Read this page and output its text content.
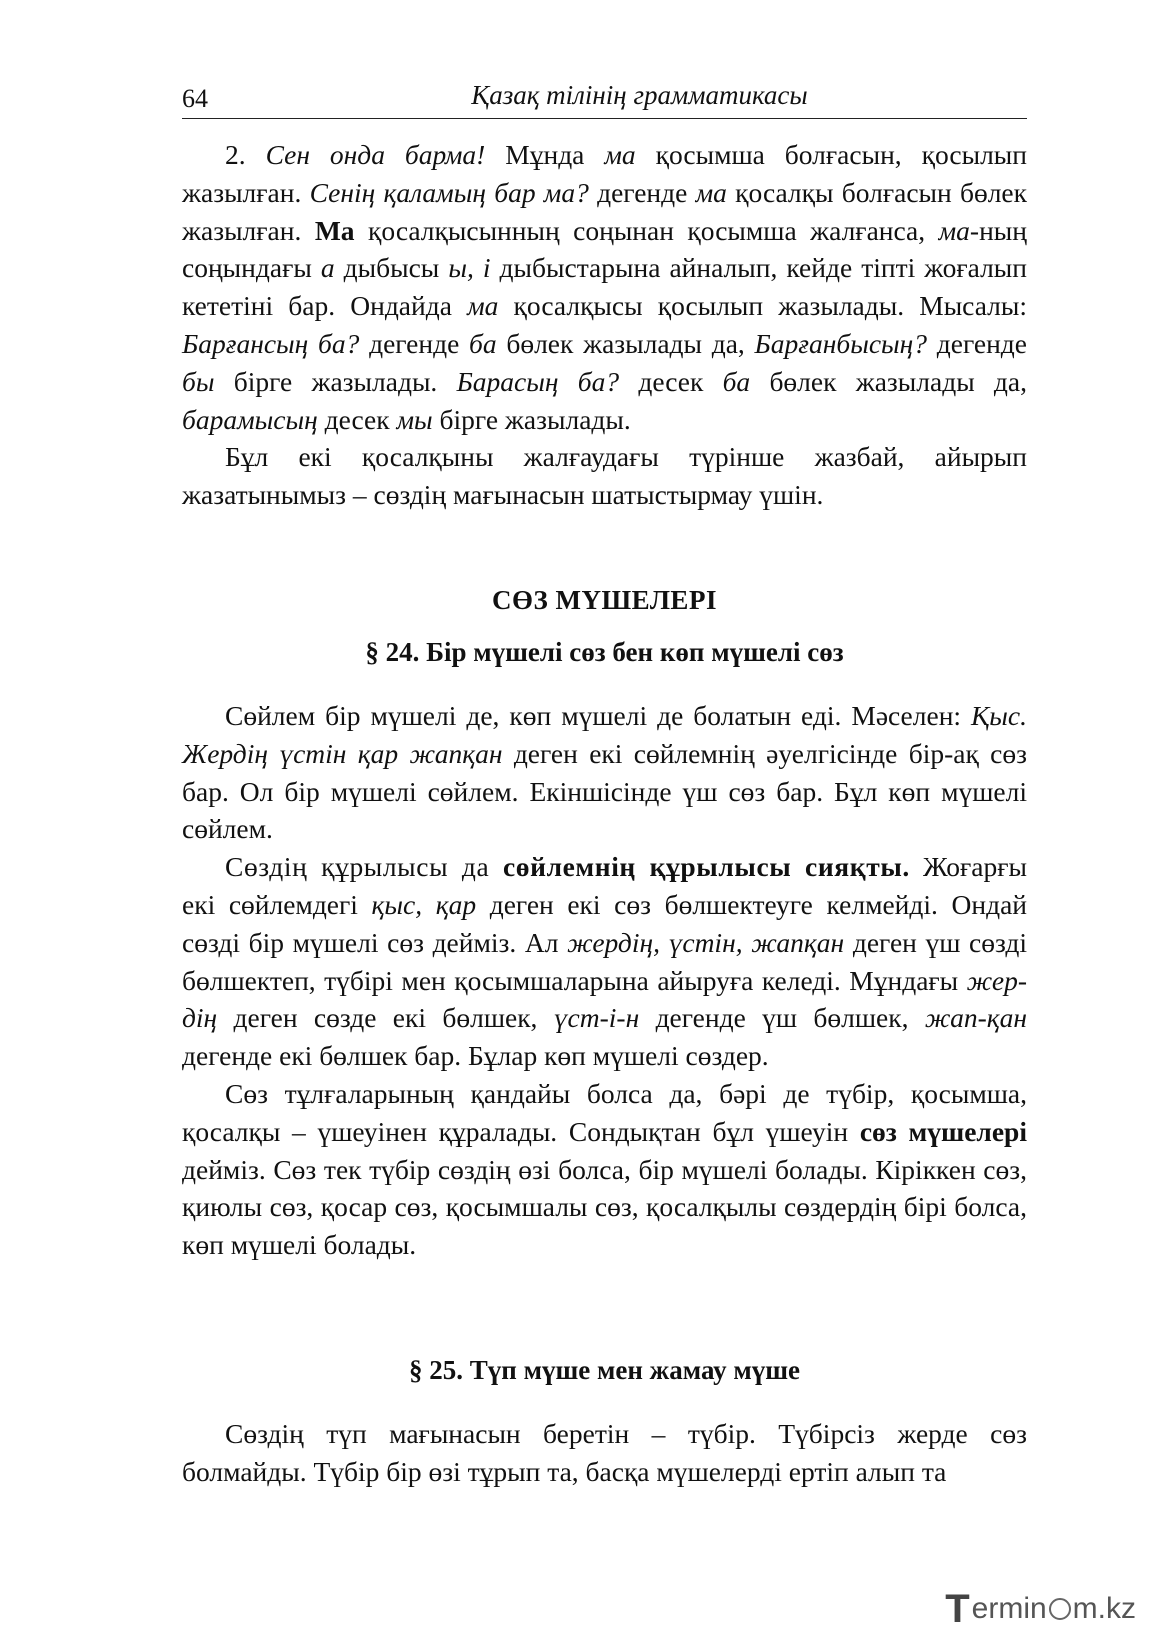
64	Қазақ тілінің грамматикасы

2. Сен онда барма! Мұнда ма қосымша болғасын, қосылып жазылған. Сенің қаламың бар ма? дегенде ма қосалқы болғасын бөлек жазылған. Ма қосалқысынның соңынан қосымша жалғанса, ма-ның соңындағы а дыбысы ы, і дыбыстарына айналып, кейде тіпті жоғалып кететіні бар. Ондайда ма қосалқысы қосылып жазылады. Мысалы: Барғансың ба? дегенде ба бөлек жазылады да, Барғанбысың? дегенде бы бірге жазылады. Барасың ба? десек ба бөлек жазылады да, барамысың десек мы бірге жазылады.

Бұл екі қосалқыны жалғаудағы түрінше жазбай, айырып жазатынымыз – сөздің мағынасын шатыстырмау үшін.

СӨЗ МҮШЕЛЕРІ
§ 24. Бір мүшелі сөз бен көп мүшелі сөз

Сөйлем бір мүшелі де, көп мүшелі де болатын еді. Мәселен: Қыс. Жердің үстін қар жапқан деген екі сөйлемнің әуелгісінде бір-ақ сөз бар. Ол бір мүшелі сөйлем. Екіншісінде үш сөз бар. Бұл көп мүшелі сөйлем.

Сөздің құрылысы да сөйлемнің құрылысы сияқты. Жоғарғы екі сөйлемдегі қыс, қар деген екі сөз бөлшектеуге келмейді. Ондай сөзді бір мүшелі сөз дейміз. Ал жердің, үстін, жапқан деген үш сөзді бөлшектеп, түбірі мен қосымшаларына айыруға келеді. Мұндағы жер-дің деген сөзде екі бөлшек, үст-і-н дегенде үш бөлшек, жап-қан дегенде екі бөлшек бар. Бұлар көп мүшелі сөздер.

Сөз тұлғаларының қандайы болса да, бәрі де түбір, қосымша, қосалқы – үшеуінен құралады. Сондықтан бұл үшеуін сөз мүшелері дейміз. Сөз тек түбір сөздің өзі болса, бір мүшелі болады. Кіріккен сөз, қиюлы сөз, қосар сөз, қосымшалы сөз, қосалқылы сөздердің бірі болса, көп мүшелі болады.

§ 25. Түп мүше мен жамау мүше

Сөздің түп мағынасын беретін – түбір. Түбірсіз жерде сөз болмайды. Түбір бір өзі тұрып та, басқа мүшелерді ертіп алып та

T ermin m.kz
